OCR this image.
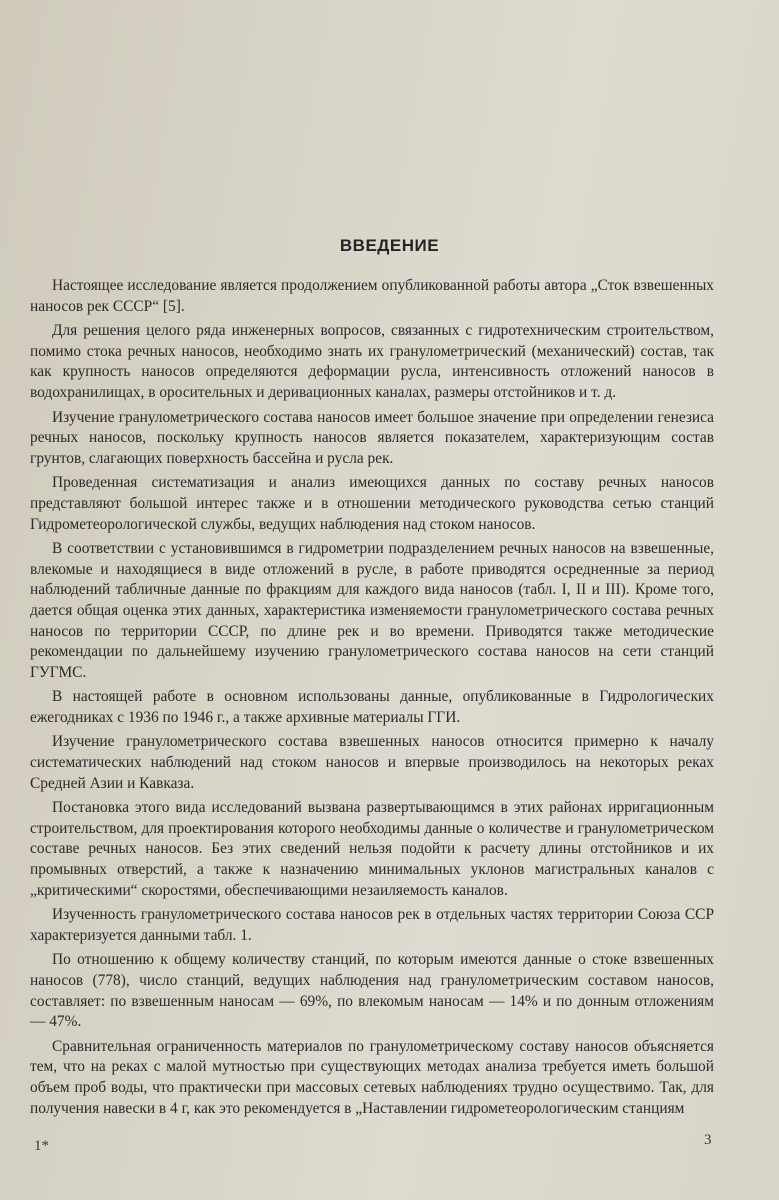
ВВЕДЕНИЕ

Настоящее исследование является продолжением опубликованной работы автора „Сток взвешенных наносов рек СССР“ [5].

Для решения целого ряда инженерных вопросов, связанных с гидротехническим строительством, помимо стока речных наносов, необходимо знать их гранулометрический (механический) состав, так как крупность наносов определяются деформации русла, интенсивность отложений наносов в водохранилищах, в оросительных и деривационных каналах, размеры отстойников и т. д.

Изучение гранулометрического состава наносов имеет большое значение при определении генезиса речных наносов, поскольку крупность наносов является показателем, характеризующим состав грунтов, слагающих поверхность бассейна и русла рек.

Проведенная систематизация и анализ имеющихся данных по составу речных наносов представляют большой интерес также и в отношении методического руководства сетью станций Гидрометеорологической службы, ведущих наблюдения над стоком наносов.

В соответствии с установившимся в гидрометрии подразделением речных наносов на взвешенные, влекомые и находящиеся в виде отложений в русле, в работе приводятся осредненные за период наблюдений табличные данные по фракциям для каждого вида наносов (табл. I, II и III). Кроме того, дается общая оценка этих данных, характеристика изменяемости гранулометрического состава речных наносов по территории СССР, по длине рек и во времени. Приводятся также методические рекомендации по дальнейшему изучению гранулометрического состава наносов на сети станций ГУГМС.

В настоящей работе в основном использованы данные, опубликованные в Гидрологических ежегодниках с 1936 по 1946 г., а также архивные материалы ГГИ.

Изучение гранулометрического состава взвешенных наносов относится примерно к началу систематических наблюдений над стоком наносов и впервые производилось на некоторых реках Средней Азии и Кавказа.

Постановка этого вида исследований вызвана развертывающимся в этих районах ирригационным строительством, для проектирования которого необходимы данные о количестве и гранулометрическом составе речных наносов. Без этих сведений нельзя подойти к расчету длины отстойников и их промывных отверстий, а также к назначению минимальных уклонов магистральных каналов с „критическими“ скоростями, обеспечивающими незаиляемость каналов.

Изученность гранулометрического состава наносов рек в отдельных частях территории Союза ССР характеризуется данными табл. 1.

По отношению к общему количеству станций, по которым имеются данные о стоке взвешенных наносов (778), число станций, ведущих наблюдения над гранулометрическим составом наносов, составляет: по взвешенным наносам — 69%, по влекомым наносам — 14% и по донным отложениям — 47%.

Сравнительная ограниченность материалов по гранулометрическому составу наносов объясняется тем, что на реках с малой мутностью при существующих методах анализа требуется иметь большой объем проб воды, что практически при массовых сетевых наблюдениях трудно осуществимо. Так, для получения навески в 4 г, как это рекомендуется в „Наставлении гидрометеорологическим станциям

1*	3
